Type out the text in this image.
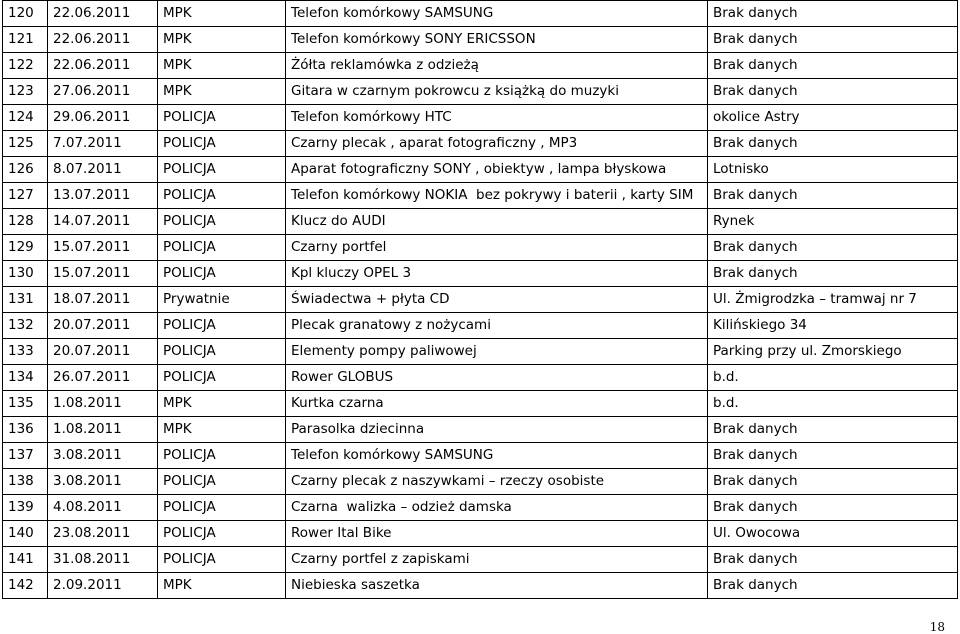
120	22.06.2011	MPK	Telefon komórkowy SAMSUNG	Brak danych
121	22.06.2011	MPK	Telefon komórkowy SONY ERICSSON	Brak danych
122	22.06.2011	MPK	Żółta reklamówka z odzieżą	Brak danych
123	27.06.2011	MPK	Gitara w czarnym pokrowcu z książką do muzyki	Brak danych
124	29.06.2011	POLICJA	Telefon komórkowy HTC	okolice Astry
125	7.07.2011	POLICJA	Czarny plecak , aparat fotograficzny , MP3	Brak danych
126	8.07.2011	POLICJA	Aparat fotograficzny SONY , obiektyw , lampa błyskowa	Lotnisko
127	13.07.2011	POLICJA	Telefon komórkowy NOKIA  bez pokrywy i baterii , karty SIM	Brak danych
128	14.07.2011	POLICJA	Klucz do AUDI	Rynek
129	15.07.2011	POLICJA	Czarny portfel	Brak danych
130	15.07.2011	POLICJA	Kpl kluczy OPEL 3	Brak danych
131	18.07.2011	Prywatnie	Świadectwa + płyta CD	Ul. Żmigrodzka – tramwaj nr 7
132	20.07.2011	POLICJA	Plecak granatowy z nożycami	Kilińskiego 34
133	20.07.2011	POLICJA	Elementy pompy paliwowej	Parking przy ul. Zmorskiego
134	26.07.2011	POLICJA	Rower GLOBUS	b.d.
135	1.08.2011	MPK	Kurtka czarna	b.d.
136	1.08.2011	MPK	Parasolka dziecinna	Brak danych
137	3.08.2011	POLICJA	Telefon komórkowy SAMSUNG	Brak danych
138	3.08.2011	POLICJA	Czarny plecak z naszywkami – rzeczy osobiste	Brak danych
139	4.08.2011	POLICJA	Czarna  walizka – odzież damska	Brak danych
140	23.08.2011	POLICJA	Rower Ital Bike	Ul. Owocowa
141	31.08.2011	POLICJA	Czarny portfel z zapiskami	Brak danych
142	2.09.2011	MPK	Niebieska saszetka	Brak danych
18
